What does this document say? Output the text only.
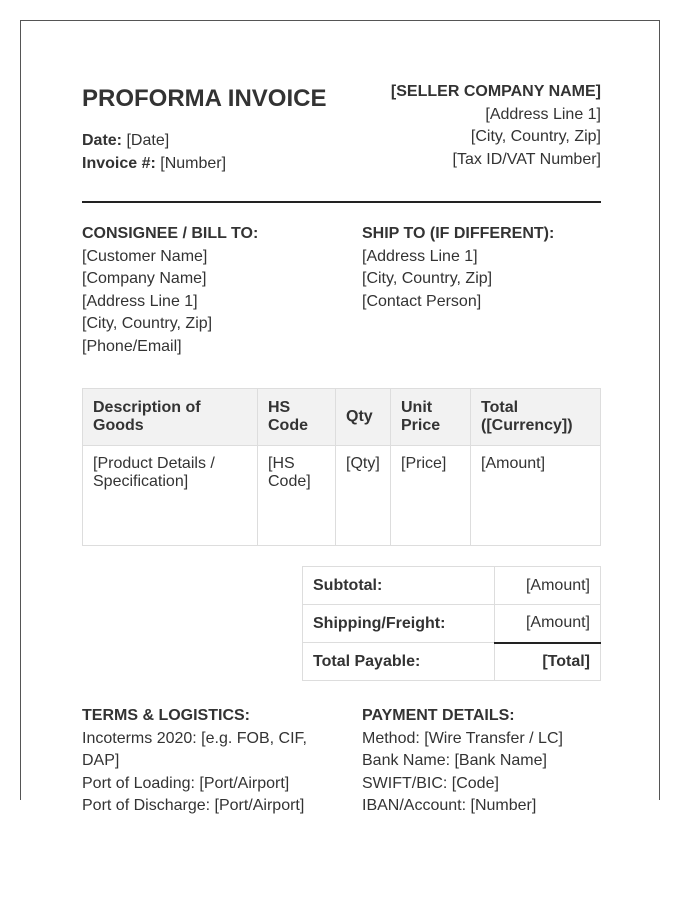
PROFORMA INVOICE
Date: [Date]
Invoice #: [Number]
[SELLER COMPANY NAME]
[Address Line 1]
[City, Country, Zip]
[Tax ID/VAT Number]
CONSIGNEE / BILL TO:
[Customer Name]
[Company Name]
[Address Line 1]
[City, Country, Zip]
[Phone/Email]
SHIP TO (IF DIFFERENT):
[Address Line 1]
[City, Country, Zip]
[Contact Person]
Description of Goods	HS Code	Qty	Unit Price	Total ([Currency])
[Product Details / Specification]	[HS Code]	[Qty]	[Price]	[Amount]
Subtotal:	[Amount]
Shipping/Freight:	[Amount]
Total Payable:	[Total]
TERMS & LOGISTICS:
Incoterms 2020: [e.g. FOB, CIF, DAP]
Port of Loading: [Port/Airport]
Port of Discharge: [Port/Airport]
PAYMENT DETAILS:
Method: [Wire Transfer / LC]
Bank Name: [Bank Name]
SWIFT/BIC: [Code]
IBAN/Account: [Number]
